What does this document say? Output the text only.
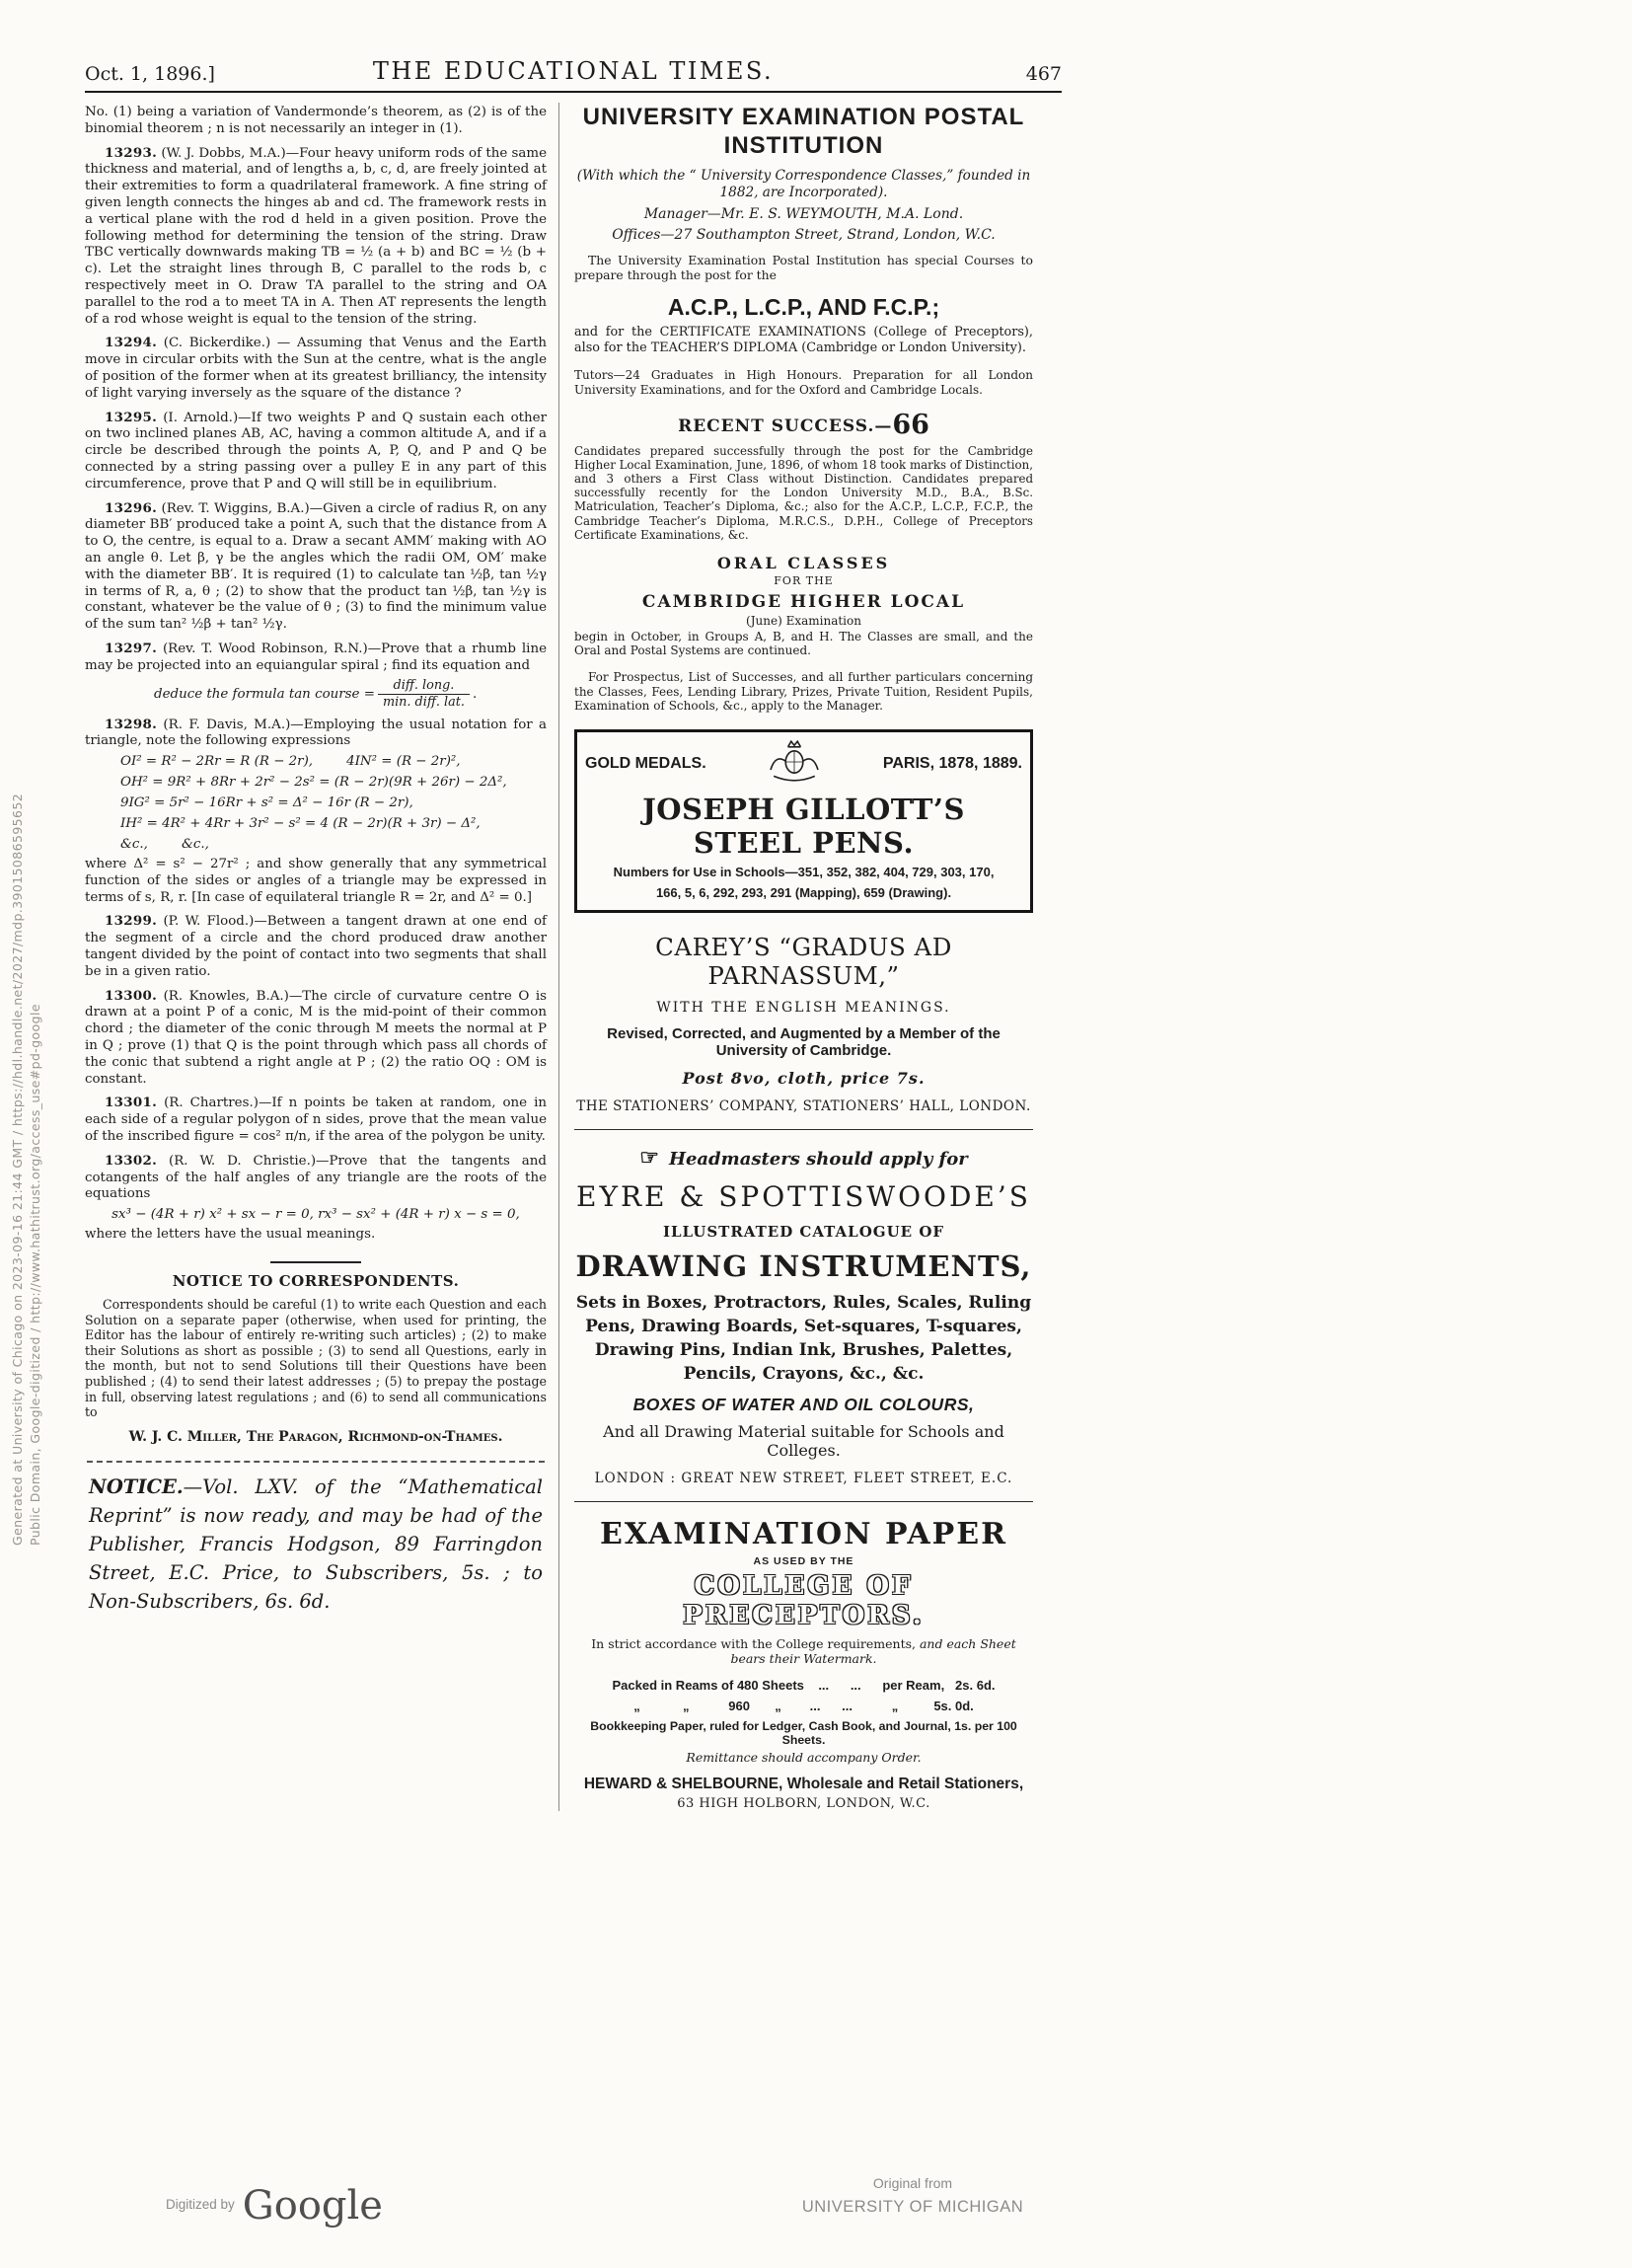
Generated at University of Chicago on 2023-09-16 21:44 GMT / https://hdl.handle.net/2027/mdp.39015086595652 Public Domain, Google-digitized / http://www.hathitrust.org/access_use#pd-google
Oct. 1, 1896.]	THE EDUCATIONAL TIMES.	467

No. (1) being a variation of Vandermonde’s theorem, as (2) is of the binomial theorem ; n is not necessarily an integer in (1).

13293. (W. J. Dobbs, M.A.)—Four heavy uniform rods of the same thickness and material, and of lengths a, b, c, d, are freely jointed at their extremities to form a quadrilateral framework. A fine string of given length connects the hinges ab and cd. The framework rests in a vertical plane with the rod d held in a given position. Prove the following method for determining the tension of the string. Draw TBC vertically downwards making TB = ½ (a + b) and BC = ½ (b + c). Let the straight lines through B, C parallel to the rods b, c respectively meet in O. Draw TA parallel to the string and OA parallel to the rod a to meet TA in A. Then AT represents the length of a rod whose weight is equal to the tension of the string.

13294. (C. Bickerdike.) — Assuming that Venus and the Earth move in circular orbits with the Sun at the centre, what is the angle of position of the former when at its greatest brilliancy, the intensity of light varying inversely as the square of the distance ?

13295. (I. Arnold.)—If two weights P and Q sustain each other on two inclined planes AB, AC, having a common altitude A, and if a circle be described through the points A, P, Q, and P and Q be connected by a string passing over a pulley E in any part of this circumference, prove that P and Q will still be in equilibrium.

13296. (Rev. T. Wiggins, B.A.)—Given a circle of radius R, on any diameter BB′ produced take a point A, such that the distance from A to O, the centre, is equal to a. Draw a secant AMM′ making with AO an angle θ. Let β, γ be the angles which the radii OM, OM′ make with the diameter BB′. It is required (1) to calculate tan ½β, tan ½γ in terms of R, a, θ ; (2) to show that the product tan ½β, tan ½γ is constant, whatever be the value of θ ; (3) to find the minimum value of the sum tan² ½β + tan² ½γ.

13297. (Rev. T. Wood Robinson, R.N.)—Prove that a rhumb line may be projected into an equiangular spiral ; find its equation and

deduce the formula tan course = $\frac{\text{diff. long.}}{\text{min. diff. lat.}}$ .

13298. (R. F. Davis, M.A.)—Employing the usual notation for a triangle, note the following expressions

OI² = R² − 2Rr = R (R − 2r),        4IN² = (R − 2r)²,
OH² = 9R² + 8Rr + 2r² − 2s² = (R − 2r)(9R + 26r) − 2Δ²,
9IG² = 5r² − 16Rr + s² = Δ² − 16r (R − 2r),
IH² = 4R² + 4Rr + 3r² − s² = 4 (R − 2r)(R + 3r) − Δ²,
&c.,        &c.,

where Δ² = s² − 27r² ; and show generally that any symmetrical function of the sides or angles of a triangle may be expressed in terms of s, R, r. [In case of equilateral triangle R = 2r, and Δ² = 0.]

13299. (P. W. Flood.)—Between a tangent drawn at one end of the segment of a circle and the chord produced draw another tangent divided by the point of contact into two segments that shall be in a given ratio.

13300. (R. Knowles, B.A.)—The circle of curvature centre O is drawn at a point P of a conic, M is the mid-point of their common chord ; the diameter of the conic through M meets the normal at P in Q ; prove (1) that Q is the point through which pass all chords of the conic that subtend a right angle at P ; (2) the ratio OQ : OM is constant.

13301. (R. Chartres.)—If n points be taken at random, one in each side of a regular polygon of n sides, prove that the mean value of the inscribed figure = cos² π/n, if the area of the polygon be unity.

13302. (R. W. D. Christie.)—Prove that the tangents and cotangents of the half angles of any triangle are the roots of the equations

sx³ − (4R + r) x² + sx − r = 0, rx³ − sx² + (4R + r) x − s = 0,

where the letters have the usual meanings.

NOTICE TO CORRESPONDENTS.

Correspondents should be careful (1) to write each Question and each Solution on a separate paper (otherwise, when used for printing, the Editor has the labour of entirely re-writing such articles) ; (2) to make their Solutions as short as possible ; (3) to send all Questions, early in the month, but not to send Solutions till their Questions have been published ; (4) to send their latest addresses ; (5) to prepay the postage in full, observing latest regulations ; and (6) to send all communications to

W. J. C. Miller, The Paragon, Richmond-on-Thames.

NOTICE.—Vol. LXV. of the “Mathematical Reprint” is now ready, and may be had of the Publisher, Francis Hodgson, 89 Farringdon Street, E.C. Price, to Subscribers, 5s. ; to Non-Subscribers, 6s. 6d.

UNIVERSITY EXAMINATION POSTAL
INSTITUTION
(With which the “ University Correspondence Classes,” founded in 1882, are Incorporated).
Manager—Mr. E. S. WEYMOUTH, M.A. Lond.
Offices—27 Southampton Street, Strand, London, W.C.

The University Examination Postal Institution has special Courses to prepare through the post for the

A.C.P., L.C.P., AND F.C.P.;

and for the CERTIFICATE EXAMINATIONS (College of Preceptors), also for the TEACHER’S DIPLOMA (Cambridge or London University).

Tutors—24 Graduates in High Honours. Preparation for all London University Examinations, and for the Oxford and Cambridge Locals.

RECENT SUCCESS.—66

Candidates prepared successfully through the post for the Cambridge Higher Local Examination, June, 1896, of whom 18 took marks of Distinction, and 3 others a First Class without Distinction. Candidates prepared successfully recently for the London University M.D., B.A., B.Sc. Matriculation, Teacher’s Diploma, &c.; also for the A.C.P., L.C.P., F.C.P., the Cambridge Teacher’s Diploma, M.R.C.S., D.P.H., College of Preceptors Certificate Examinations, &c.

ORAL CLASSES
FOR THE
CAMBRIDGE HIGHER LOCAL
(June) Examination

begin in October, in Groups A, B, and H. The Classes are small, and the Oral and Postal Systems are continued.

For Prospectus, List of Successes, and all further particulars concerning the Classes, Fees, Lending Library, Prizes, Private Tuition, Resident Pupils, Examination of Schools, &c., apply to the Manager.

GOLD MEDALS.	PARIS, 1878, 1889.
JOSEPH GILLOTT’S STEEL PENS.
Numbers for Use in Schools—351, 352, 382, 404, 729, 303, 170,
166, 5, 6, 292, 293, 291 (Mapping), 659 (Drawing).
CAREY’S “GRADUS AD PARNASSUM,”
WITH THE ENGLISH MEANINGS.
Revised, Corrected, and Augmented by a Member of the University of Cambridge.
Post 8vo, cloth, price 7s.
THE STATIONERS’ COMPANY, STATIONERS’ HALL, LONDON.
☞ Headmasters should apply for
EYRE & SPOTTISWOODE’S
ILLUSTRATED CATALOGUE OF
DRAWING INSTRUMENTS,
Sets in Boxes, Protractors, Rules, Scales, Ruling Pens, Drawing Boards, Set-squares, T-squares, Drawing Pins, Indian Ink, Brushes, Palettes, Pencils, Crayons, &c., &c.
BOXES OF WATER AND OIL COLOURS,
And all Drawing Material suitable for Schools and Colleges.
LONDON : GREAT NEW STREET, FLEET STREET, E.C.
EXAMINATION PAPER
AS USED BY THE
COLLEGE OF PRECEPTORS.

In strict accordance with the College requirements, and each Sheet bears their Watermark.

Packed in Reams of 480 Sheets    ...      ...      per Ream,   2s. 6d.
„            „           960       „        ...      ...           „          5s. 0d.
Bookkeeping Paper, ruled for Ledger, Cash Book, and Journal, 1s. per 100 Sheets.
Remittance should accompany Order.
HEWARD & SHELBOURNE, Wholesale and Retail Stationers,
63 HIGH HOLBORN, LONDON, W.C.
$^{Digitized by}$ Google	Original from
UNIVERSITY OF MICHIGAN
